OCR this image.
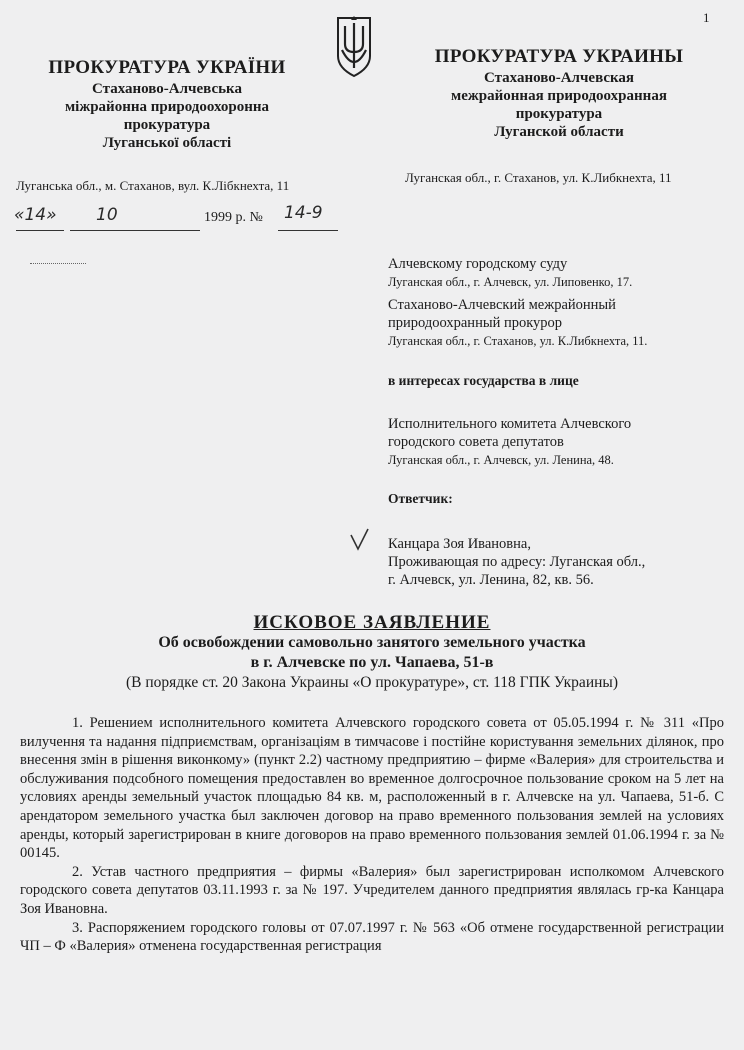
1
ПРОКУРАТУРА УКРАЇНИ
Стаханово-Алчевська
міжрайонна природоохоронна
прокуратура
Луганської області
ПРОКУРАТУРА УКРАИНЫ
Стаханово-Алчевская
межрайонная природоохранная
прокуратура
Луганской области
Луганська обл., м. Стаханов, вул. К.Лібкнехта, 11
Луганская обл., г. Стаханов, ул. К.Либкнехта, 11
«14» 10	1999 р. № 14-9
Алчевскому городскому суду
Луганская обл., г. Алчевск, ул. Липовенко, 17.
Стаханово-Алчевский межрайонный
природоохранный прокурор
Луганская обл., г. Стаханов, ул. К.Либкнехта, 11.
в интересах государства в лице
Исполнительного комитета Алчевского
городского совета депутатов
Луганская обл., г. Алчевск, ул. Ленина, 48.
Ответчик:
Канцара Зоя Ивановна,
Проживающая по адресу: Луганская обл.,
г. Алчевск, ул. Ленина, 82, кв. 56.
ИСКОВОЕ ЗАЯВЛЕНИЕ
Об освобождении самовольно занятого земельного участка
в г. Алчевске по ул. Чапаева, 51-в
(В порядке ст. 20 Закона Украины «О прокуратуре», ст. 118 ГПК Украины)

1. Решением исполнительного комитета Алчевского городского совета от 05.05.1994 г. № 311 «Про вилучення та надання підприємствам, організаціям в тимчасове і постійне користування земельних ділянок, про внесення змін в рішення виконкому» (пункт 2.2) частному предприятию – фирме «Валерия» для строительства и обслуживания подсобного помещения предоставлен во временное долгосрочное пользование сроком на 5 лет на условиях аренды земельный участок площадью 84 кв. м, расположенный в г. Алчевске на ул. Чапаева, 51-б. С арендатором земельного участка был заключен договор на право временного пользования землей на условиях аренды, который зарегистрирован в книге договоров на право временного пользования землей 01.06.1994 г. за № 00145.

2. Устав частного предприятия – фирмы «Валерия» был зарегистрирован исполкомом Алчевского городского совета депутатов 03.11.1993 г. за № 197. Учредителем данного предприятия являлась гр-ка Канцара Зоя Ивановна.

3. Распоряжением городского головы от 07.07.1997 г. № 563 «Об отмене государственной регистрации ЧП – Ф «Валерия» отменена государственная регистрация
